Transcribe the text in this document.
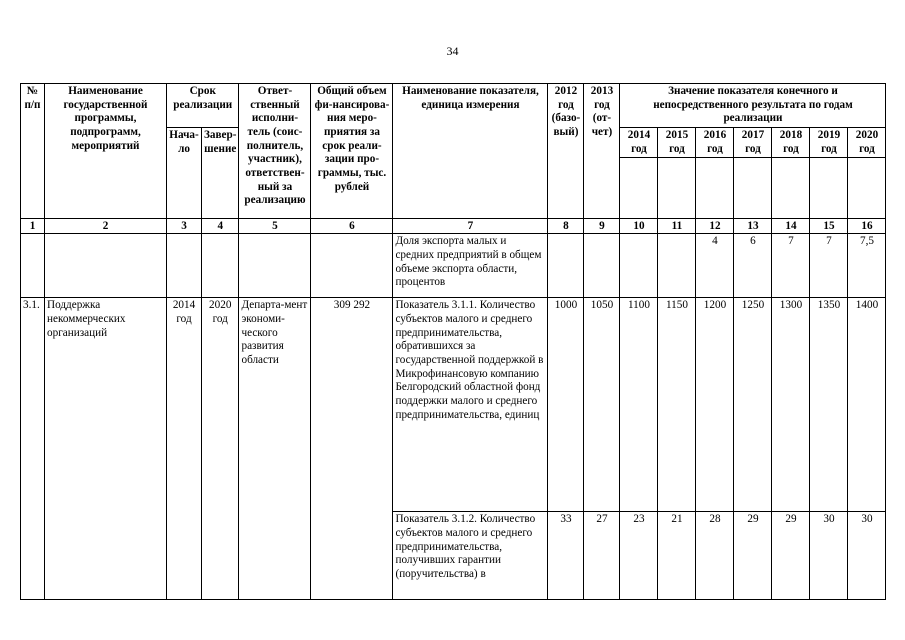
34
№ п/п	Наименование государственной программы, подпрограмм, мероприятий	Срок реализации		Ответ-ственный исполни-тель (соис-полнитель, участник), ответствен-ный за реализацию	Общий объем фи-нансирова-ния меро-приятия за срок реали-зации про-граммы, тыс. рублей	Наименование показателя, единица измерения	2012 год (базо-вый)	2013 год (от-чет)	Значение показателя конечного и непосредственного результата по годам реализации						
		Нача-ло	Завер-шение						2014 год	2015 год	2016 год	2017 год	2018 год	2019 год	2020 год

1	2	3	4	5	6	7	8	9	10	11	12	13	14	15	16
						Доля экспорта малых и средних предприятий в общем объеме экспорта области, процентов					4	6	7	7	7,5
3.1.	Поддержка некоммерческих организаций	2014 год	2020 год	Департа-мент экономи-ческого развития области	309 292	Показатель 3.1.1. Количество субъектов малого и среднего предпринимательства, обратившихся за государственной поддержкой в Микрофинансовую компанию Белгородский областной фонд поддержки малого и среднего предпринимательства, единиц	1000	1050	1100	1150	1200	1250	1300	1350	1400
						Показатель 3.1.2. Количество субъектов малого и среднего предпринимательства, получивших гарантии (поручительства) в	33	27	23	21	28	29	29	30	30
